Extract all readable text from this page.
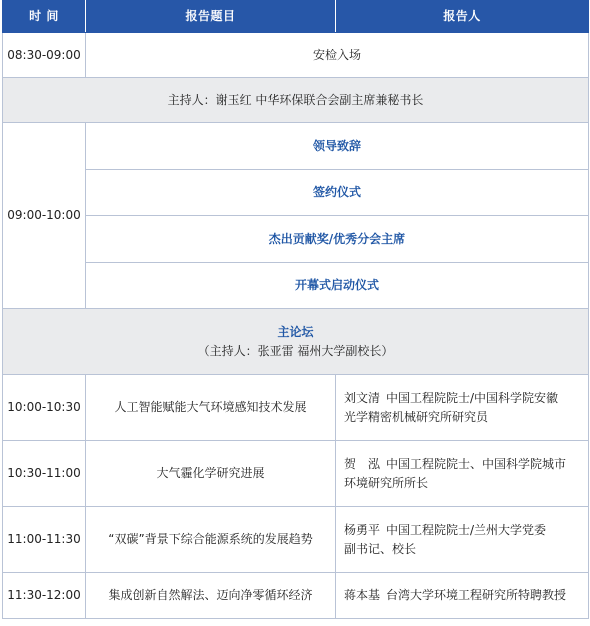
时 间	报告题目	报告人
08:30-09:00	安检入场	
主持人：谢玉红 中华环保联合会副主席兼秘书长		
09:00-10:00	领导致辞	
	签约仪式	
	杰出贡献奖/优秀分会主席	
	开幕式启动仪式	

主论坛
（主持人：张亚雷 福州大学副校长）		

10:00-10:30	人工智能赋能大气环境感知技术发展	刘文清 中国工程院院士/中国科学院安徽
光学精密机械研究所研究员

10:30-11:00	大气霾化学研究进展	贺　泓 中国工程院院士、中国科学院城市
环境研究所所长

11:00-11:30	“双碳”背景下综合能源系统的发展趋势	杨勇平 中国工程院院士/兰州大学党委
副书记、校长

11:30-12:00	集成创新自然解法、迈向净零循环经济	蒋本基 台湾大学环境工程研究所特聘教授
